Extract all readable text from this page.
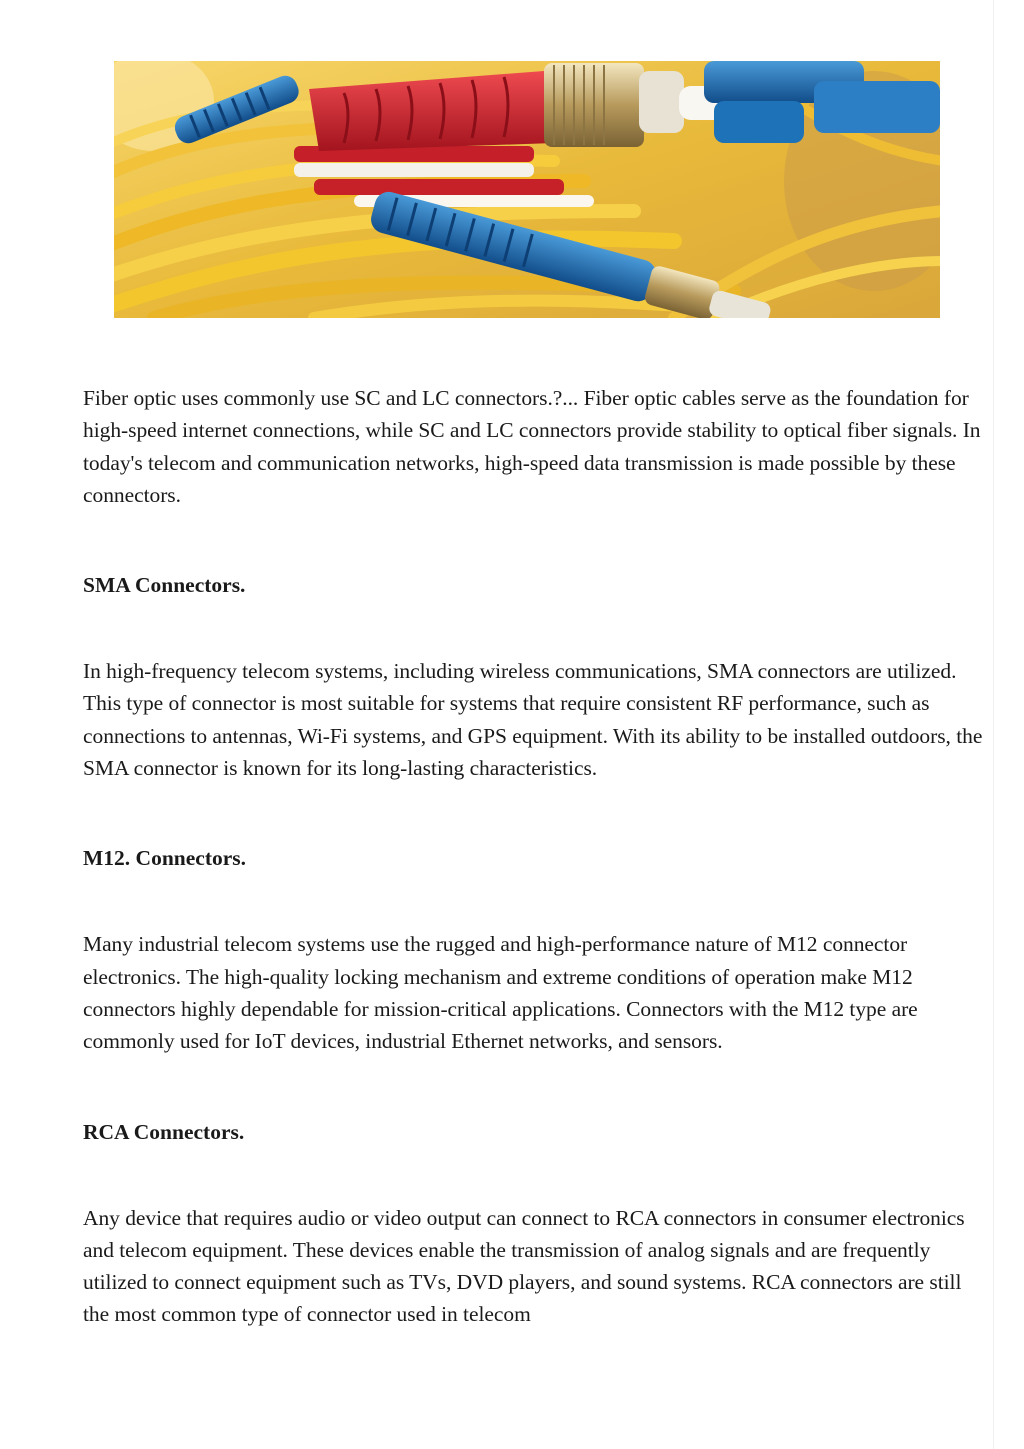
Fiber optic uses commonly use SC and LC connectors.?... Fiber optic cables serve as the foundation for high-speed internet connections, while SC and LC connectors provide stability to optical fiber signals. In today's telecom and communication networks, high-speed data transmission is made possible by these connectors.

SMA Connectors.

In high-frequency telecom systems, including wireless communications, SMA connectors are utilized. This type of connector is most suitable for systems that require consistent RF performance, such as connections to antennas, Wi-Fi systems, and GPS equipment. With its ability to be installed outdoors, the SMA connector is known for its long-lasting characteristics.

M12. Connectors.

Many industrial telecom systems use the rugged and high-performance nature of M12 connector electronics. The high-quality locking mechanism and extreme conditions of operation make M12 connectors highly dependable for mission-critical applications. Connectors with the M12 type are commonly used for IoT devices, industrial Ethernet networks, and sensors.

RCA Connectors.

Any device that requires audio or video output can connect to RCA connectors in consumer electronics and telecom equipment. These devices enable the transmission of analog signals and are frequently utilized to connect equipment such as TVs, DVD players, and sound systems. RCA connectors are still the most common type of connector used in telecom
